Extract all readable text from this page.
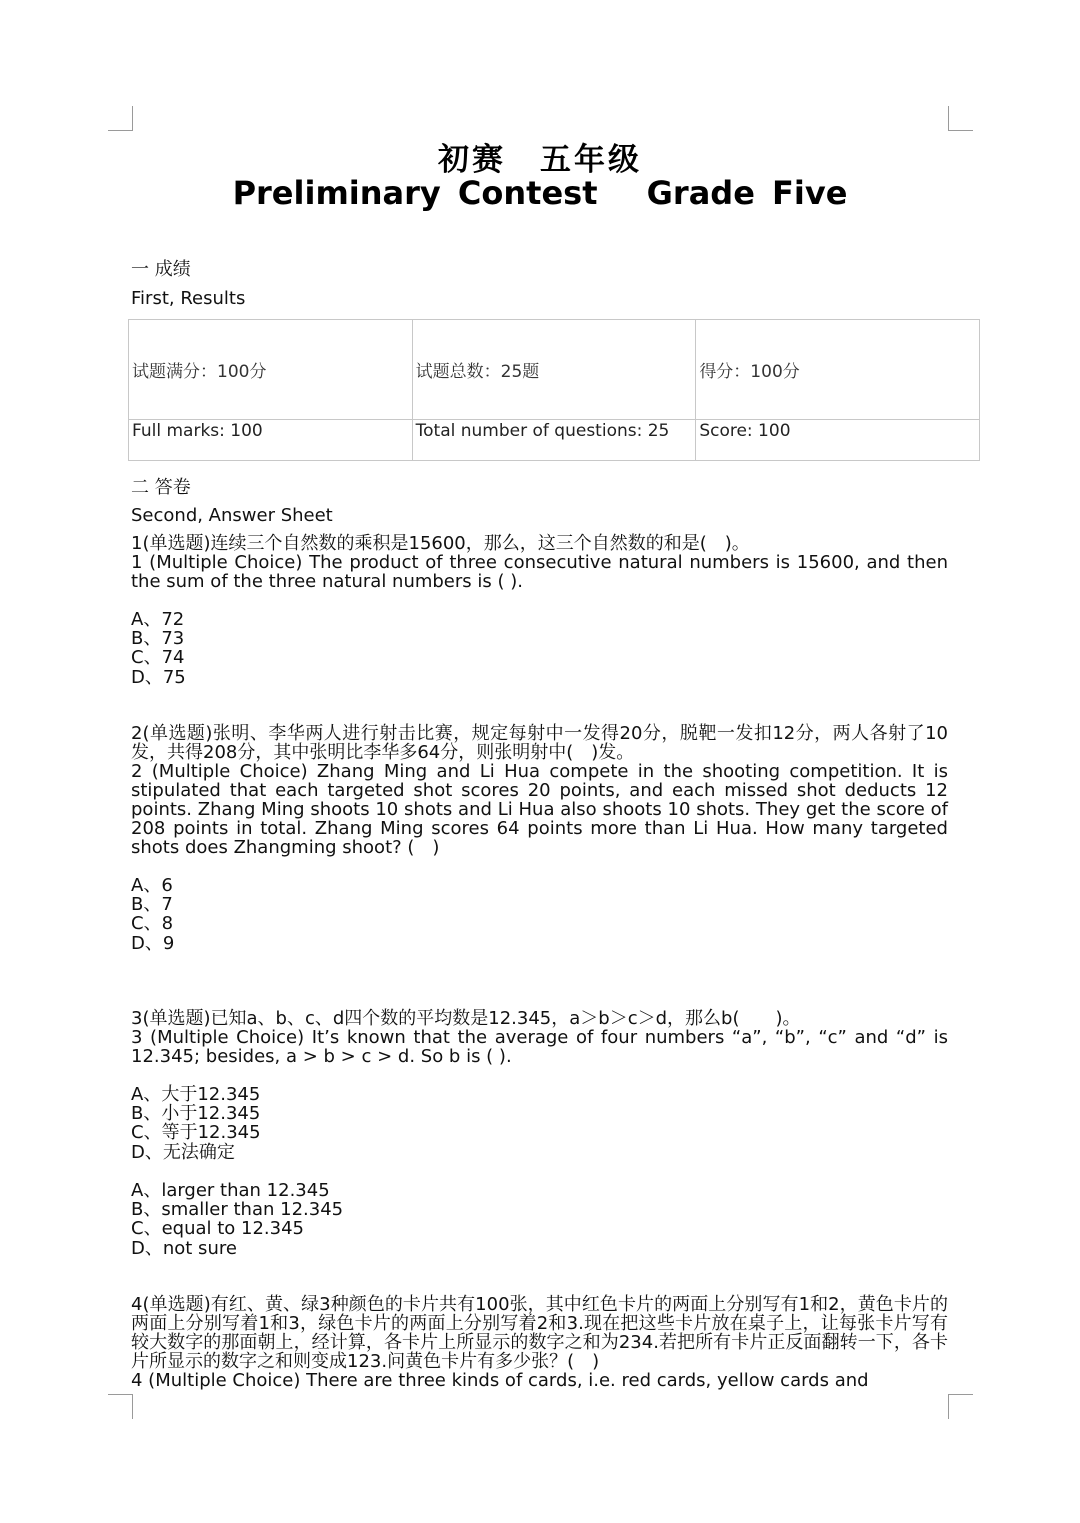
初赛　五年级
Preliminary Contest　 Grade Five
一 成绩
First, Results
试题满分：100分	试题总数：25题	得分：100分
Full marks: 100	Total number of questions: 25	Score: 100
二 答卷
Second, Answer Sheet
1(单选题)连续三个自然数的乘积是15600，那么，这三个自然数的和是(　)。
1 (Multiple Choice) The product of three consecutive natural numbers is 15600, and then the sum of the three natural numbers is ( ).
A、72
B、73
C、74
D、75
2(单选题)张明、李华两人进行射击比赛，规定每射中一发得20分，脱靶一发扣12分，两人各射了10发，共得208分，其中张明比李华多64分，则张明射中(　)发。
2 (Multiple Choice) Zhang Ming and Li Hua compete in the shooting competition. It is stipulated that each targeted shot scores 20 points, and each missed shot deducts 12 points. Zhang Ming shoots 10 shots and Li Hua also shoots 10 shots. They get the score of 208 points in total. Zhang Ming scores 64 points more than Li Hua. How many targeted shots does Zhangming shoot? (　)
A、6
B、7
C、8
D、9
3(单选题)已知a、b、c、d四个数的平均数是12.345，a＞b＞c＞d，那么b(　　)。
3 (Multiple Choice) It’s known that the average of four numbers “a”, “b”, “c” and “d” is 12.345; besides, a > b > c > d. So b is ( ).
A、大于12.345
B、小于12.345
C、等于12.345
D、无法确定
A、larger than 12.345
B、smaller than 12.345
C、equal to 12.345
D、not sure
4(单选题)有红、黄、绿3种颜色的卡片共有100张，其中红色卡片的两面上分别写有1和2，黄色卡片的两面上分别写着1和3，绿色卡片的两面上分别写着2和3.现在把这些卡片放在桌子上，让每张卡片写有较大数字的那面朝上，经计算，各卡片上所显示的数字之和为234.若把所有卡片正反面翻转一下，各卡片所显示的数字之和则变成123.问黄色卡片有多少张？(　)
4 (Multiple Choice) There are three kinds of cards, i.e. red cards, yellow cards and
